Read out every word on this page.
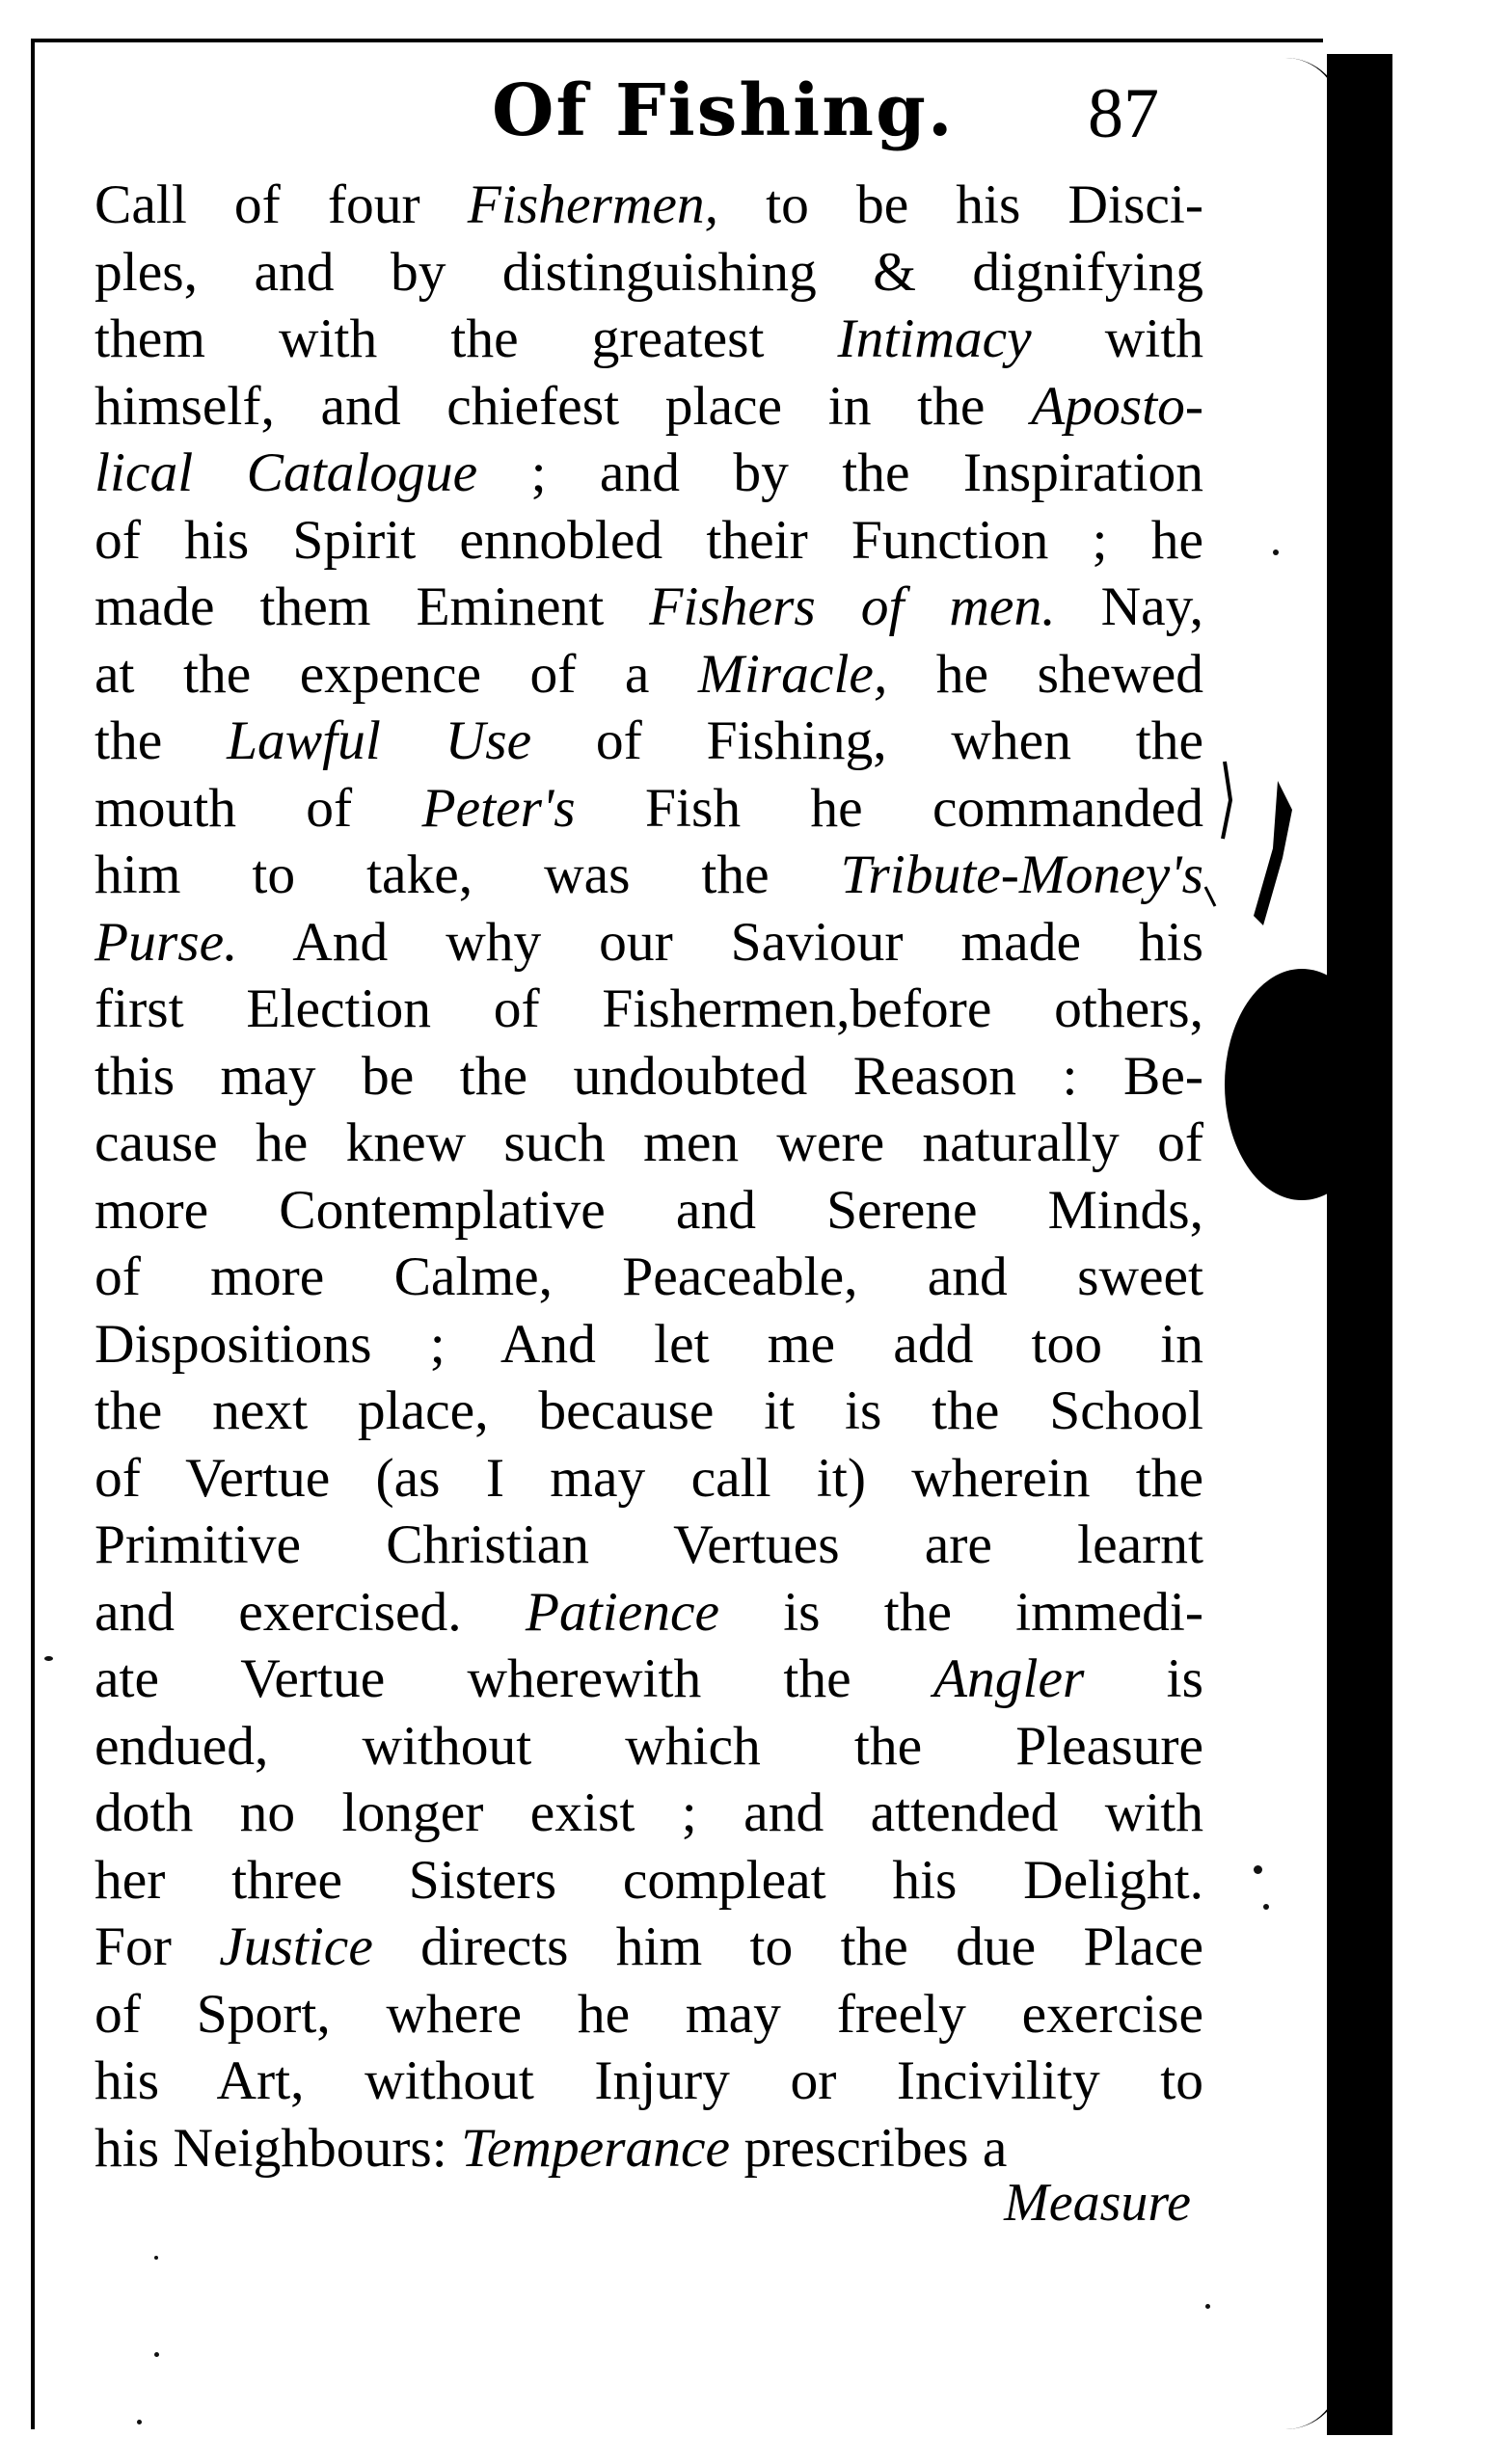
Of Fishing. 87
Call of four Fishermen, to be his Disci-
ples, and by distinguishing & dignifying
them with the greatest Intimacy with
himself, and chiefest place in the Aposto-
lical Catalogue ; and by the Inspiration
of his Spirit ennobled their Function ; he
made them Eminent Fishers of men. Nay,
at the expence of a Miracle, he shewed
the Lawful Use of Fishing, when the
mouth of Peter's Fish he commanded
him to take, was the Tribute-Money's
Purse. And why our Saviour made his
first Election of Fishermen,before others,
this may be the undoubted Reason : Be-
cause he knew such men were naturally of
more Contemplative and Serene Minds,
of more Calme, Peaceable, and sweet
Dispositions ; And let me add too in
the next place, because it is the School
of Vertue (as I may call it) wherein the
Primitive Christian Vertues are learnt
and exercised. Patience is the immedi-
ate Vertue wherewith the Angler is
endued, without which the Pleasure
doth no longer exist ; and attended with
her three Sisters compleat his Delight.
For Justice directs him to the due Place
of Sport, where he may freely exercise
his Art, without Injury or Incivility to
his Neighbours: Temperance prescribes a
Measure
